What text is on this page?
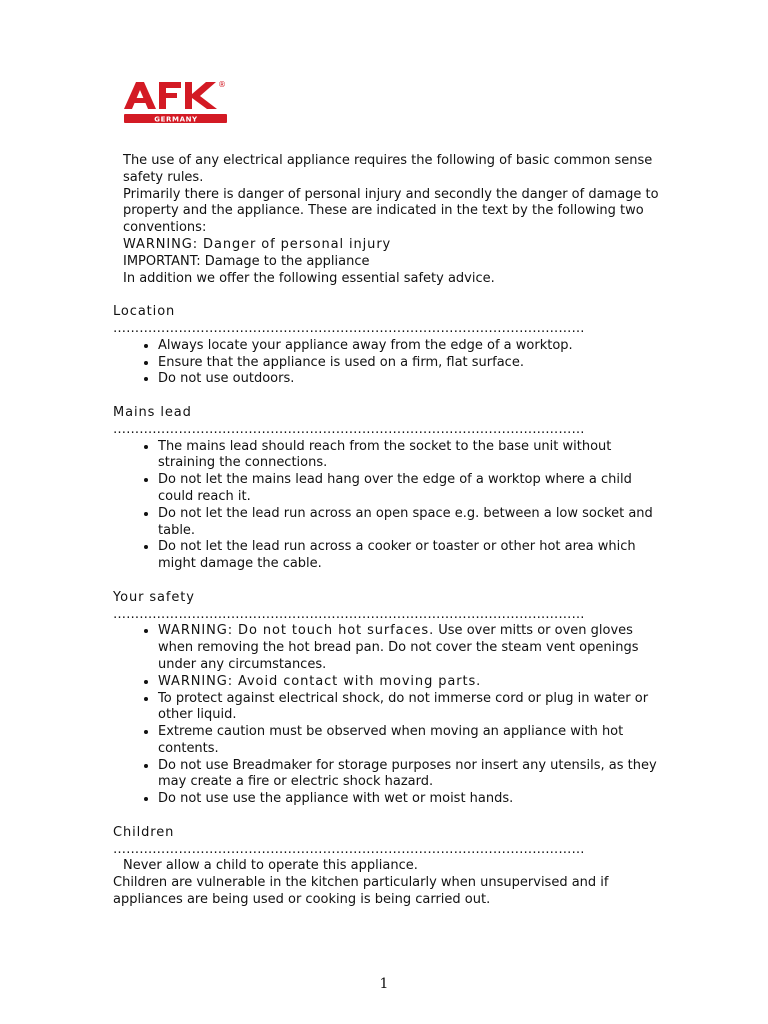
®
GERMANY

The use of any electrical appliance requires the following of basic common sense safety rules.

Primarily there is danger of personal injury and secondly the danger of damage to property and the appliance. These are indicated in the text by the following two conventions:

WARNING: Danger of personal injury

IMPORTANT: Damage to the appliance

In addition we offer the following essential safety advice.

Location
………………………………………………………………………………………………
• Always locate your appliance away from the edge of a worktop.
• Ensure that the appliance is used on a firm, flat surface.
• Do not use outdoors.
Mains lead
………………………………………………………………………………………………
• The mains lead should reach from the socket to the base unit without straining the connections.
• Do not let the mains lead hang over the edge of a worktop where a child could reach it.
• Do not let the lead run across an open space e.g. between a low socket and table.
• Do not let the lead run across a cooker or toaster or other hot area which might damage the cable.
Your safety
………………………………………………………………………………………………
• WARNING: Do not touch hot surfaces. Use over mitts or oven gloves when removing the hot bread pan. Do not cover the steam vent openings under any circumstances.
• WARNING: Avoid contact with moving parts.
• To protect against electrical shock, do not immerse cord or plug in water or other liquid.
• Extreme caution must be observed when moving an appliance with hot contents.
• Do not use Breadmaker for storage purposes nor insert any utensils, as they may create a fire or electric shock hazard.
• Do not use use the appliance with wet or moist hands.
Children
………………………………………………………………………………………………

Never allow a child to operate this appliance.

Children are vulnerable in the kitchen particularly when unsupervised and if appliances are being used or cooking is being carried out.

1
